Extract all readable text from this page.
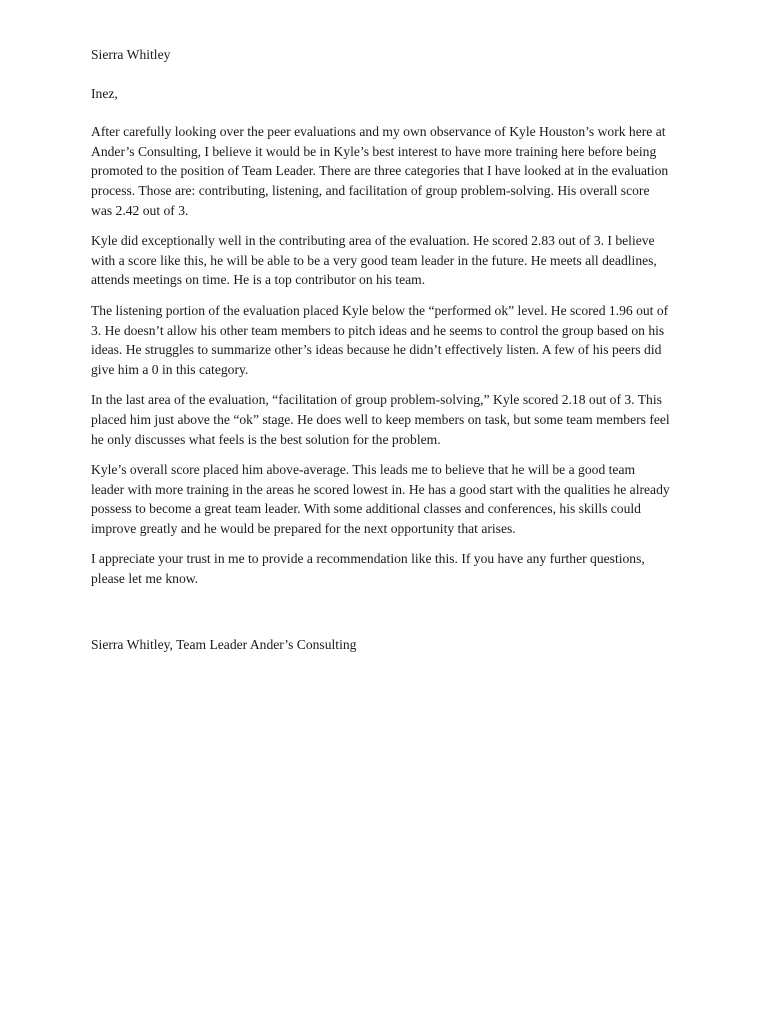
Sierra Whitley

Inez,

After carefully looking over the peer evaluations and my own observance of Kyle Houston’s work here at Ander’s Consulting, I believe it would be in Kyle’s best interest to have more training here before being promoted to the position of Team Leader. There are three categories that I have looked at in the evaluation process. Those are: contributing, listening, and facilitation of group problem-solving. His overall score was 2.42 out of 3.

Kyle did exceptionally well in the contributing area of the evaluation. He scored 2.83 out of 3. I believe with a score like this, he will be able to be a very good team leader in the future. He meets all deadlines, attends meetings on time. He is a top contributor on his team.

The listening portion of the evaluation placed Kyle below the “performed ok” level. He scored 1.96 out of 3. He doesn’t allow his other team members to pitch ideas and he seems to control the group based on his ideas. He struggles to summarize other’s ideas because he didn’t effectively listen. A few of his peers did give him a 0 in this category.

In the last area of the evaluation, “facilitation of group problem-solving,” Kyle scored 2.18 out of 3. This placed him just above the “ok” stage. He does well to keep members on task, but some team members feel he only discusses what feels is the best solution for the problem.

Kyle’s overall score placed him above-average. This leads me to believe that he will be a good team leader with more training in the areas he scored lowest in. He has a good start with the qualities he already possess to become a great team leader. With some additional classes and conferences, his skills could improve greatly and he would be prepared for the next opportunity that arises.

I appreciate your trust in me to provide a recommendation like this. If you have any further questions, please let me know.

Sierra Whitley, Team Leader Ander’s Consulting
